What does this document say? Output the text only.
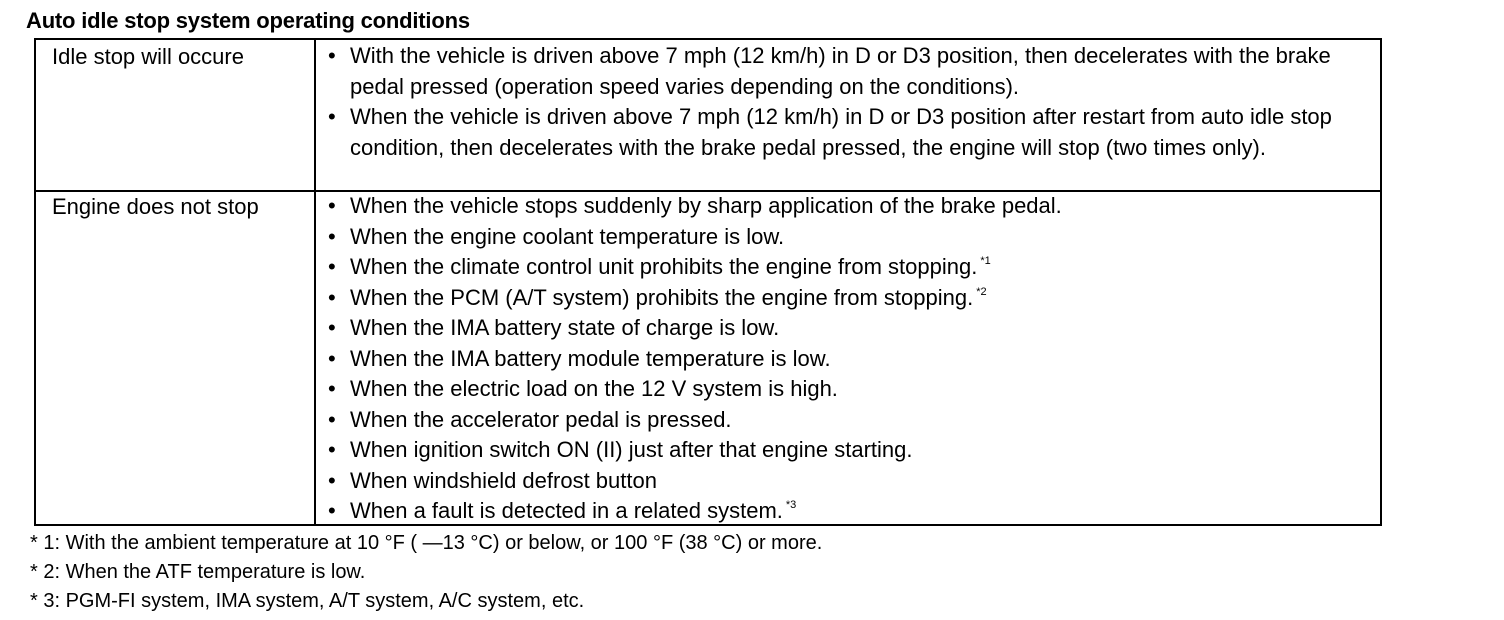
Auto idle stop system operating conditions
Idle stop will occure	• With the vehicle is driven above 7 mph (12 km/h) in D or D3 position, then decelerates with the brake pedal pressed (operation speed varies depending on the conditions).
• When the vehicle is driven above 7 mph (12 km/h) in D or D3 position after restart from auto idle stop condition, then decelerates with the brake pedal pressed, the engine will stop (two times only).
Engine does not stop	• When the vehicle stops suddenly by sharp application of the brake pedal.
• When the engine coolant temperature is low.
• When the climate control unit prohibits the engine from stopping. $^{*1}$
• When the PCM (A/T system) prohibits the engine from stopping. $^{*2}$
• When the IMA battery state of charge is low.
• When the IMA battery module temperature is low.
• When the electric load on the 12 V system is high.
• When the accelerator pedal is pressed.
• When ignition switch ON (II) just after that engine starting.
• When windshield defrost button
• When a fault is detected in a related system. $^{*3}$
* 1: With the ambient temperature at 10 °F ( —13 °C) or below, or 100 °F (38 °C) or more.
* 2: When the ATF temperature is low.
* 3: PGM-FI system, IMA system, A/T system, A/C system, etc.
